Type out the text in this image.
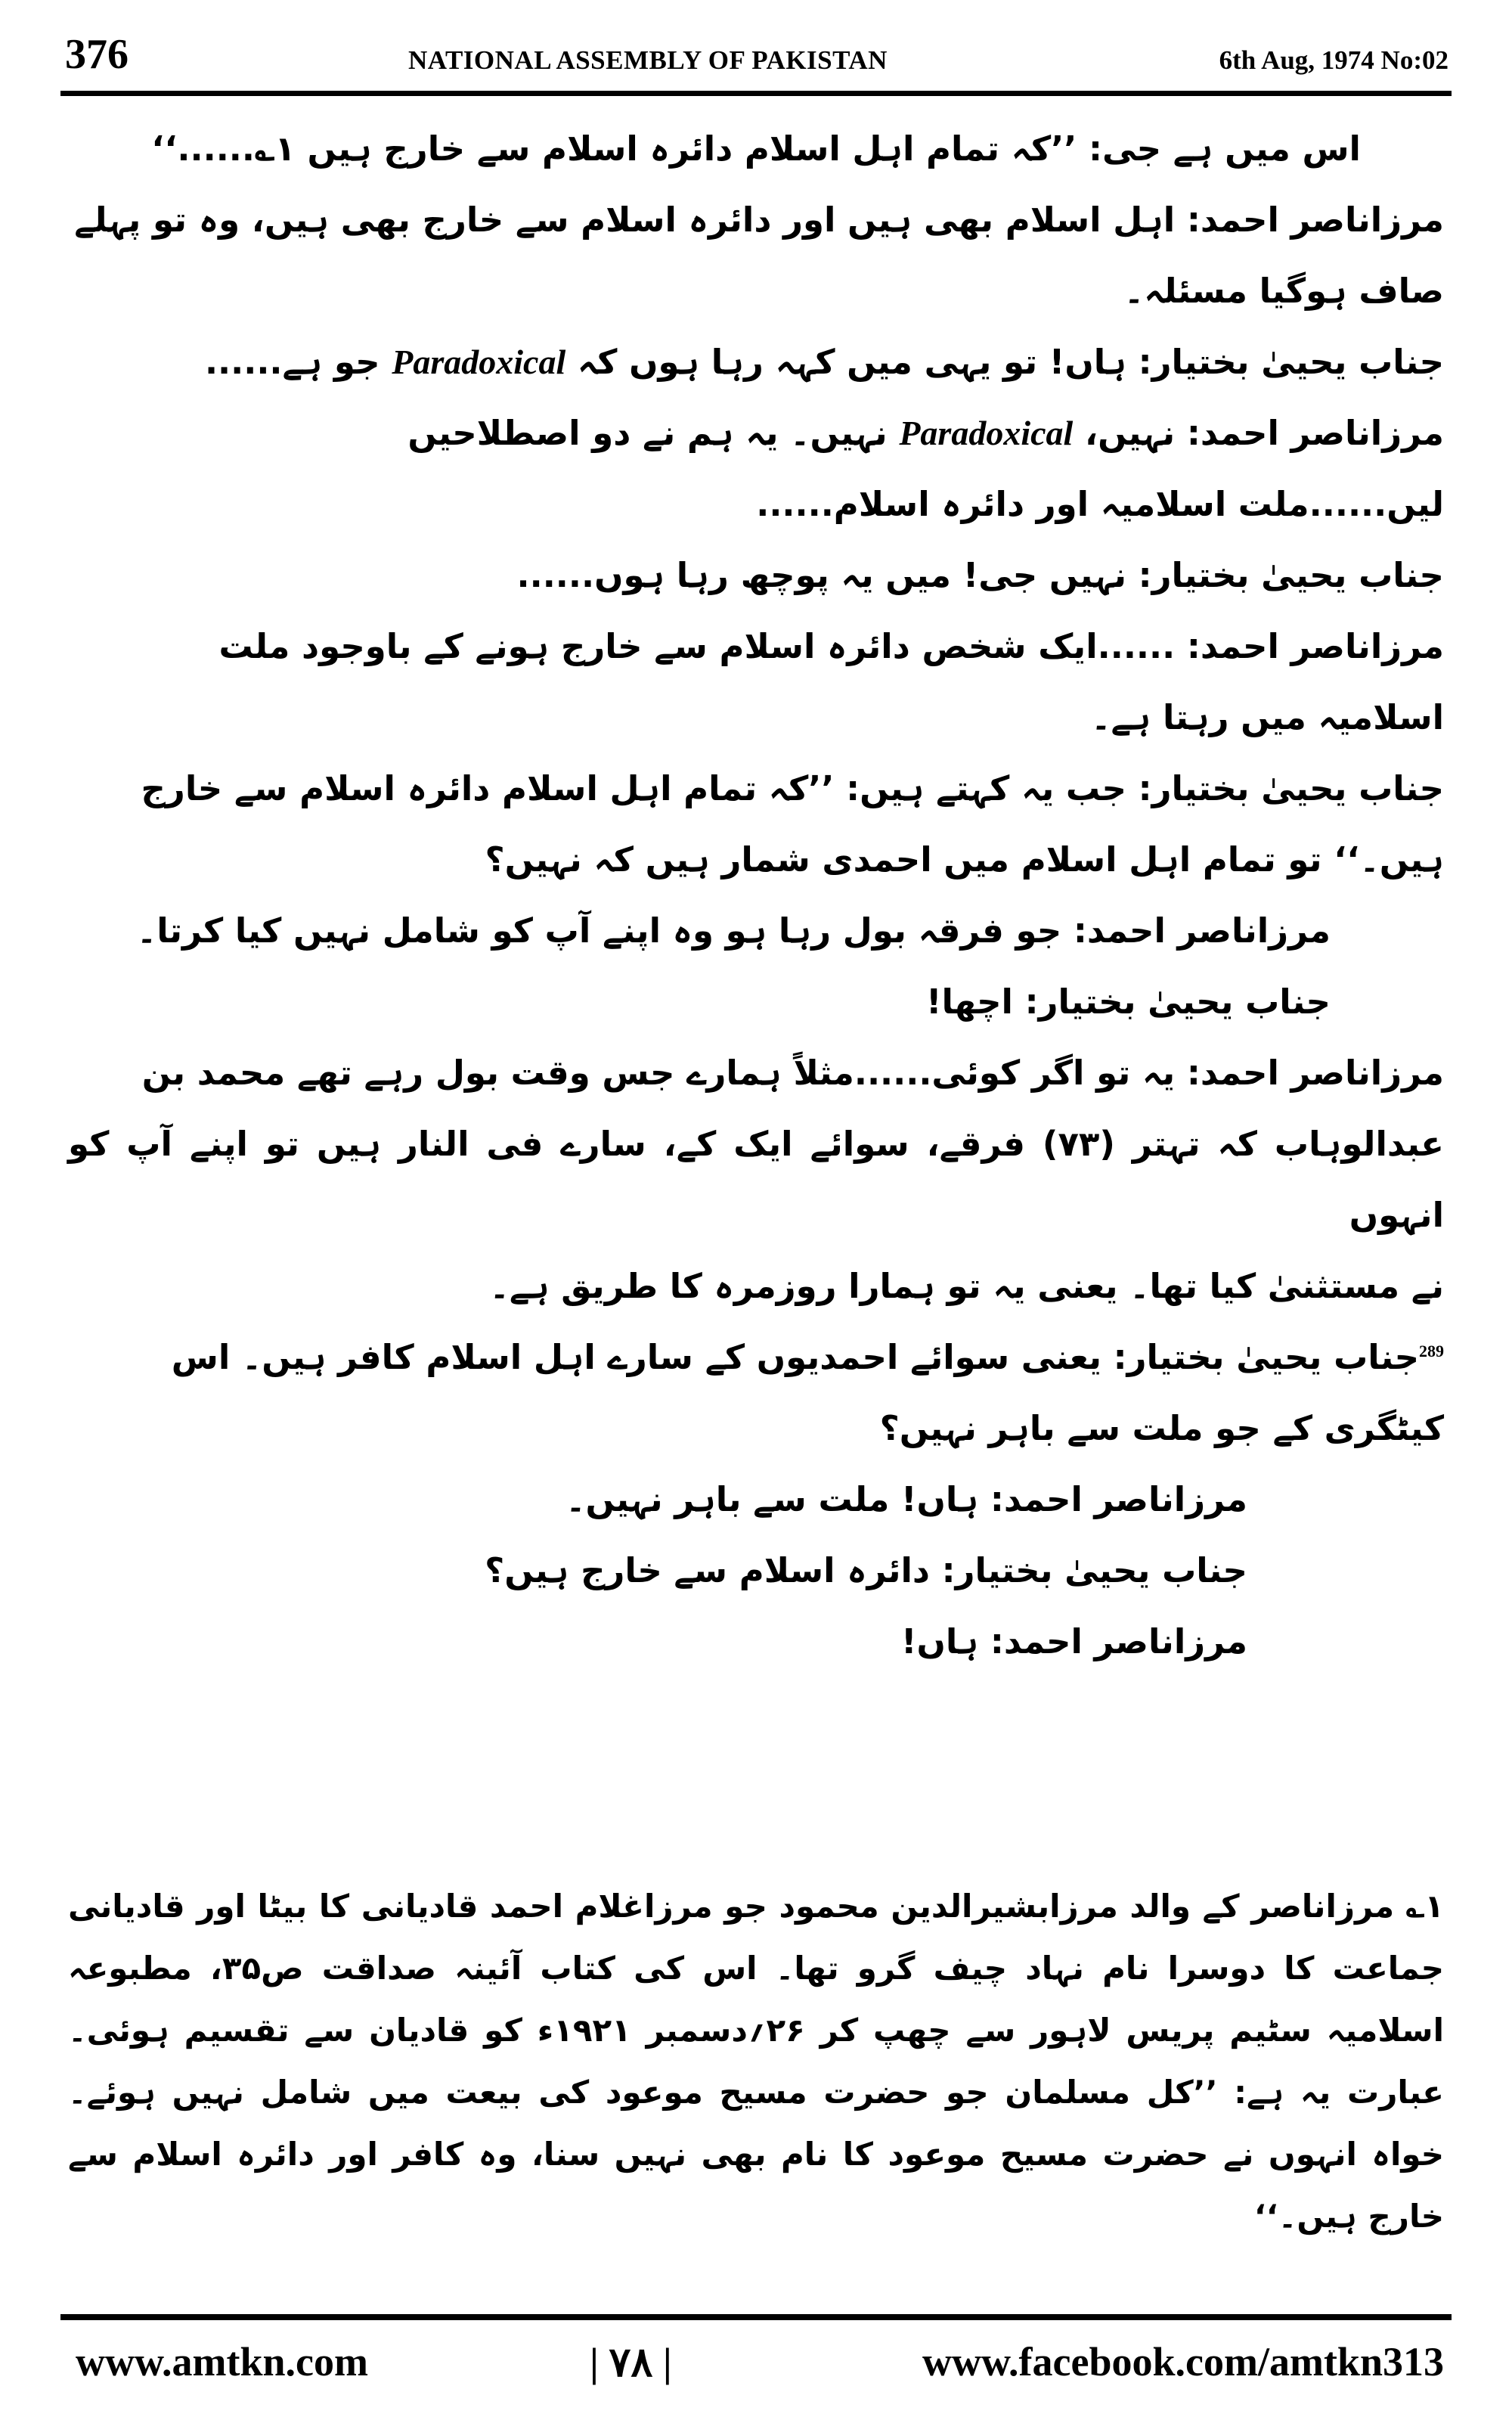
376	NATIONAL ASSEMBLY OF PAKISTAN	6th Aug, 1974 No:02

اس میں ہے جی: ’’کہ تمام اہل اسلام دائرہ اسلام سے خارج ہیں ۱؎......‘‘

مرزاناصر احمد: اہل اسلام بھی ہیں اور دائرہ اسلام سے خارج بھی ہیں، وہ تو پہلے

صاف ہوگیا مسئلہ۔

جناب یحییٰ بختیار: ہاں! تو یہی میں کہہ رہا ہوں کہ Paradoxical جو ہے......

مرزاناصر احمد: نہیں، Paradoxical نہیں۔ یہ ہم نے دو اصطلاحیں

لیں......ملت اسلامیہ اور دائرہ اسلام......

جناب یحییٰ بختیار: نہیں جی! میں یہ پوچھ رہا ہوں......

مرزاناصر احمد: ......ایک شخص دائرہ اسلام سے خارج ہونے کے باوجود ملت

اسلامیہ میں رہتا ہے۔

جناب یحییٰ بختیار: جب یہ کہتے ہیں: ’’کہ تمام اہل اسلام دائرہ اسلام سے خارج

ہیں۔‘‘ تو تمام اہل اسلام میں احمدی شمار ہیں کہ نہیں؟

مرزاناصر احمد: جو فرقہ بول رہا ہو وہ اپنے آپ کو شامل نہیں کیا کرتا۔

جناب یحییٰ بختیار: اچھا!

مرزاناصر احمد: یہ تو اگر کوئی......مثلاً ہمارے جس وقت بول رہے تھے محمد بن

عبدالوہاب کہ تہتر (۷۳) فرقے، سوائے ایک کے، سارے فی النار ہیں تو اپنے آپ کو انہوں

نے مستثنیٰ کیا تھا۔ یعنی یہ تو ہمارا روزمرہ کا طریق ہے۔

$^{289}$جناب یحییٰ بختیار: یعنی سوائے احمدیوں کے سارے اہل اسلام کافر ہیں۔ اس

کیٹگری کے جو ملت سے باہر نہیں؟

مرزاناصر احمد: ہاں! ملت سے باہر نہیں۔

جناب یحییٰ بختیار: دائرہ اسلام سے خارج ہیں؟

مرزاناصر احمد: ہاں!

۱؎ مرزاناصر کے والد مرزابشیرالدین محمود جو مرزاغلام احمد قادیانی کا بیٹا اور قادیانی جماعت کا دوسرا نام نہاد چیف گرو تھا۔ اس کی کتاب آئینہ صداقت ص۳۵، مطبوعہ اسلامیہ سٹیم پریس لاہور سے چھپ کر ۲۶؍دسمبر ۱۹۲۱ء کو قادیان سے تقسیم ہوئی۔ عبارت یہ ہے: ’’کل مسلمان جو حضرت مسیح موعود کی بیعت میں شامل نہیں ہوئے۔ خواہ انہوں نے حضرت مسیح موعود کا نام بھی نہیں سنا، وہ کافر اور دائرہ اسلام سے خارج ہیں۔‘‘

www.amtkn.com	| ۷۸ |	www.facebook.com/amtkn313
